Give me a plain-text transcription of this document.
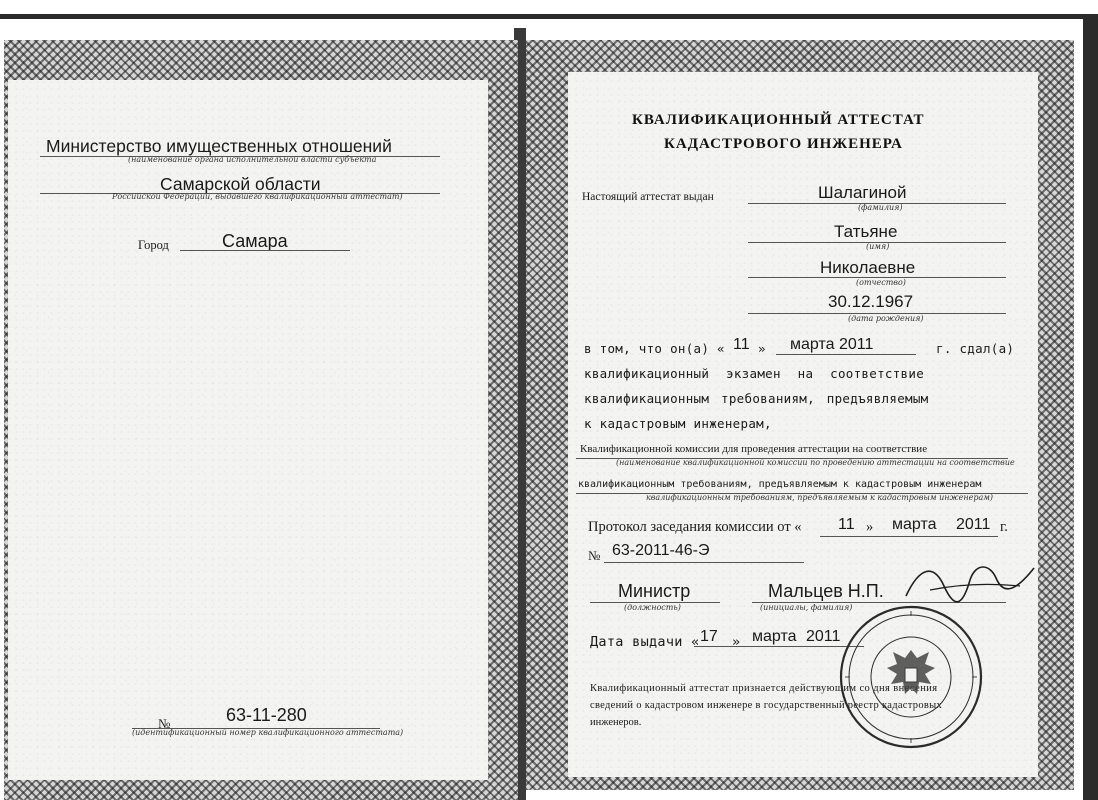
Министерство имущественных отношений
(наименование органа исполнительной власти субъекта
Самарской области
Российской Федерации, выдавшего квалификационный аттестат)
Город	Самара
№	63-11-280
(идентификационный номер квалификационного аттестата)
КВАЛИФИКАЦИОННЫЙ АТТЕСТАТ
КАДАСТРОВОГО ИНЖЕНЕРА
Настоящий аттестат выдан	Шалагиной
(фамилия)
Татьяне
(имя)
Николаевне
(отчество)
30.12.1967
(дата рождения)
в том, что он(а) « 11 » марта 2011	г. сдал(а)
квалификационный экзамен на соответствие
квалификационным требованиям, предъявляемым
к кадастровым инженерам,
Квалификационной комиссии для проведения аттестации на соответствие
(наименование квалификационной комиссии по проведению аттестации на соответствие
квалификационным требованиям, предъявляемым к кадастровым инженерам
квалификационным требованиям, предъявляемым к кадастровым инженерам)
Протокол заседания комиссии от « 11 » марта 2011 г.
№ 63-2011-46-Э
Министр
(должность)
Мальцев Н.П.
(инициалы, фамилия)
Дата выдачи « 17 » марта 2011
Квалификационный аттестат признается действующим со дня внесения
сведений о кадастровом инженере в государственный реестр кадастровых
инженеров.
